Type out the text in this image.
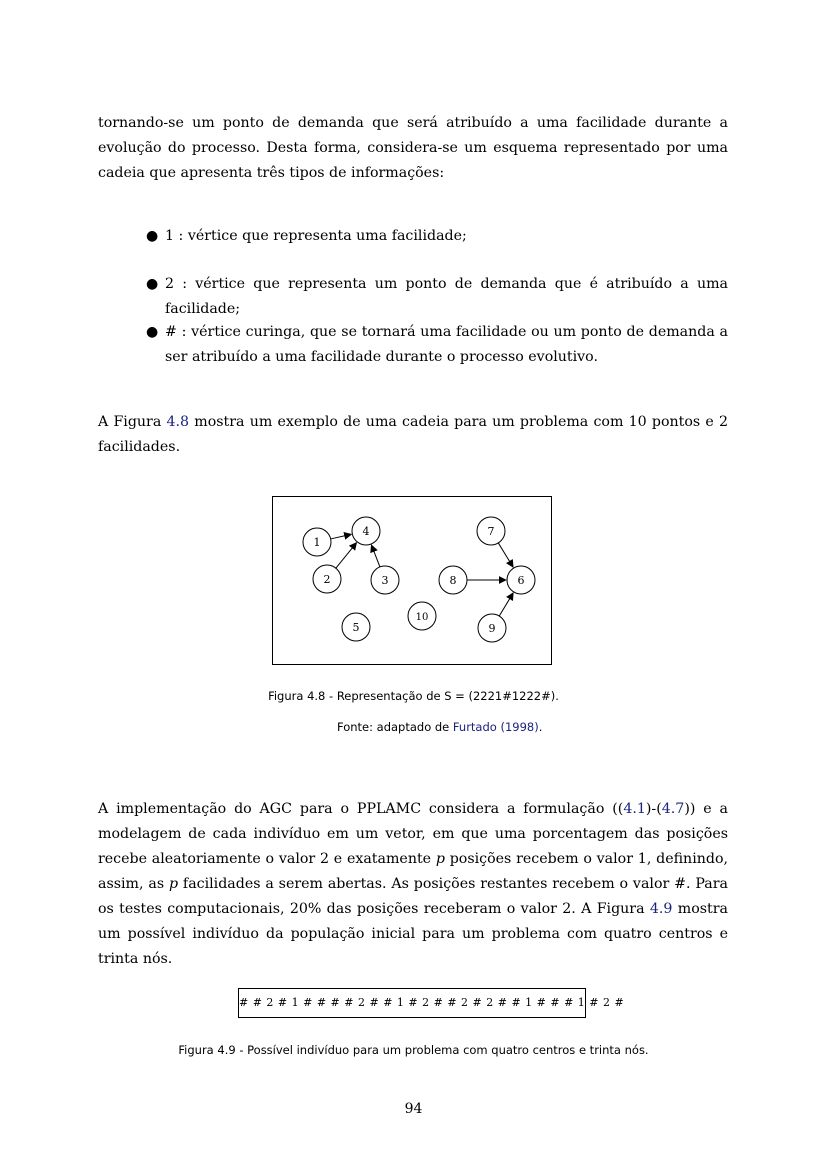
tornando-se um ponto de demanda que será atribuído a uma facilidade durante a evolução do processo. Desta forma, considera-se um esquema representado por uma cadeia que apresenta três tipos de informações:
● 1 : vértice que representa uma facilidade;
● 2 : vértice que representa um ponto de demanda que é atribuído a uma facilidade;
● # : vértice curinga, que se tornará uma facilidade ou um ponto de demanda a ser atribuído a uma facilidade durante o processo evolutivo.
A Figura 4.8 mostra um exemplo de uma cadeia para um problema com 10 pontos e 2 facilidades.
1
2	3
4
5
6
7
8
9
10
Figura 4.8 - Representação de S = (2221#1222#).
Fonte: adaptado de Furtado (1998).
A implementação do AGC para o PPLAMC considera a formulação ((4.1)-(4.7)) e a modelagem de cada indivíduo em um vetor, em que uma porcentagem das posições recebe aleatoriamente o valor 2 e exatamente p posições recebem o valor 1, definindo, assim, as p facilidades a serem abertas. As posições restantes recebem o valor #. Para os testes computacionais, 20% das posições receberam o valor 2. A Figura 4.9 mostra um possível indivíduo da população inicial para um problema com quatro centros e trinta nós.
# # 2 # 1 # # # # 2 # # 1 # 2 # # 2 # 2 # # 1 # # # 1 # 2 #
Figura 4.9 - Possível indivíduo para um problema com quatro centros e trinta nós.
94
